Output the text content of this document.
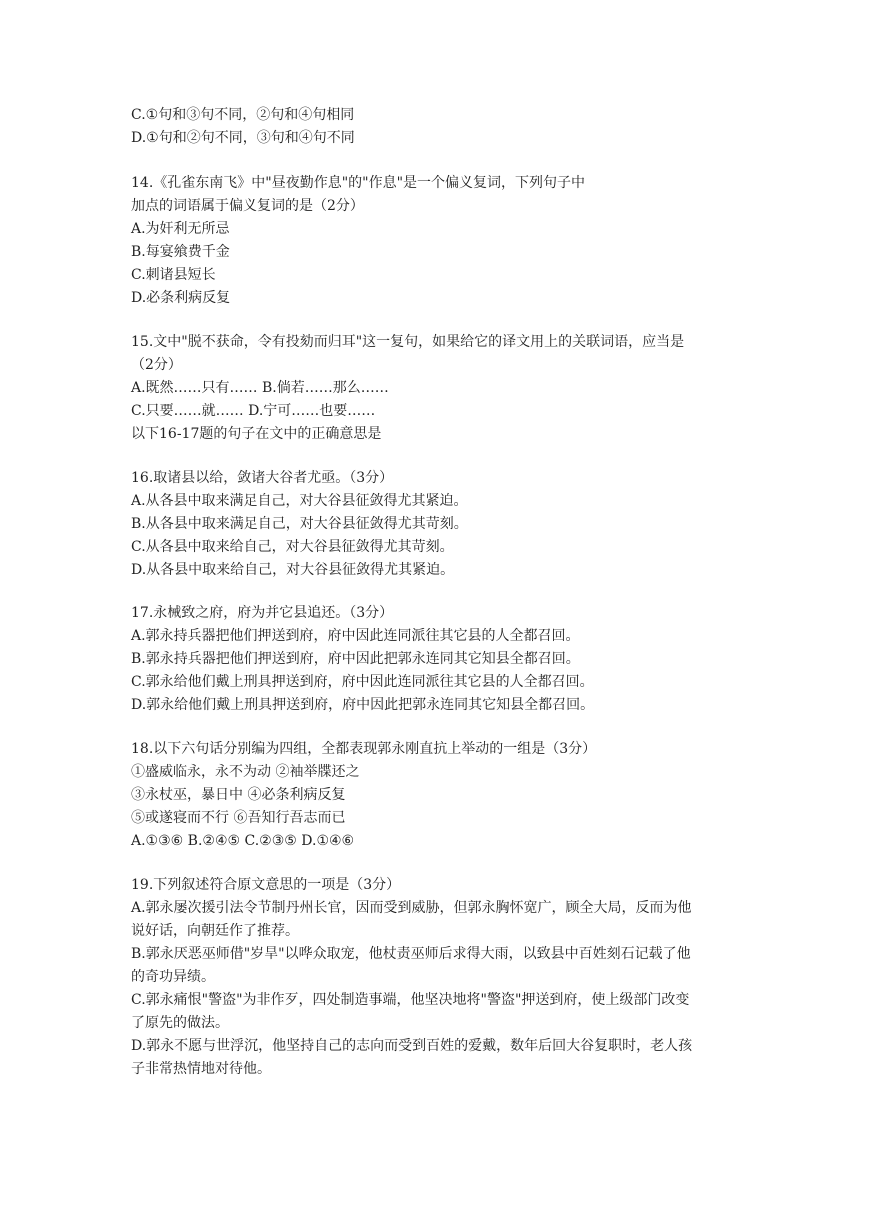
C.①句和③句不同，②句和④句相同

D.①句和②句不同，③句和④句不同

14.《孔雀东南飞》中"昼夜勤作息"的"作息"是一个偏义复词，下列句子中

加点的词语属于偏义复词的是（2分）

A.为奸利无所忌

B.每宴飨费千金

C.刺诸县短长

D.必条利病反复

15.文中"脱不获命，令有投劾而归耳"这一复句，如果给它的译文用上的关联词语，应当是

（2分）

A.既然……只有…… B.倘若……那么……

C.只要……就…… D.宁可……也要……

以下16-17题的句子在文中的正确意思是

16.取诸县以给，敛诸大谷者尤亟。（3分）

A.从各县中取来满足自己，对大谷县征敛得尤其紧迫。

B.从各县中取来满足自己，对大谷县征敛得尤其苛刻。

C.从各县中取来给自己，对大谷县征敛得尤其苛刻。

D.从各县中取来给自己，对大谷县征敛得尤其紧迫。

17.永械致之府，府为并它县追还。（3分）

A.郭永持兵器把他们押送到府，府中因此连同派往其它县的人全都召回。

B.郭永持兵器把他们押送到府，府中因此把郭永连同其它知县全都召回。

C.郭永给他们戴上刑具押送到府，府中因此连同派往其它县的人全都召回。

D.郭永给他们戴上刑具押送到府，府中因此把郭永连同其它知县全都召回。

18.以下六句话分别编为四组，全都表现郭永刚直抗上举动的一组是（3分）

①盛威临永，永不为动 ②袖举牒还之

③永杖巫，暴日中 ④必条利病反复

⑤或遂寝而不行 ⑥吾知行吾志而已

A.①③⑥ B.②④⑤ C.②③⑤ D.①④⑥

19.下列叙述符合原文意思的一项是（3分）

A.郭永屡次援引法令节制丹州长官，因而受到威胁，但郭永胸怀宽广，顾全大局，反而为他

说好话，向朝廷作了推荐。

B.郭永厌恶巫师借"岁旱"以哗众取宠，他杖责巫师后求得大雨，以致县中百姓刻石记载了他

的奇功异绩。

C.郭永痛恨"警盗"为非作歹，四处制造事端，他坚决地将"警盗"押送到府，使上级部门改变

了原先的做法。

D.郭永不愿与世浮沉，他坚持自己的志向而受到百姓的爱戴，数年后回大谷复职时，老人孩

子非常热情地对待他。
